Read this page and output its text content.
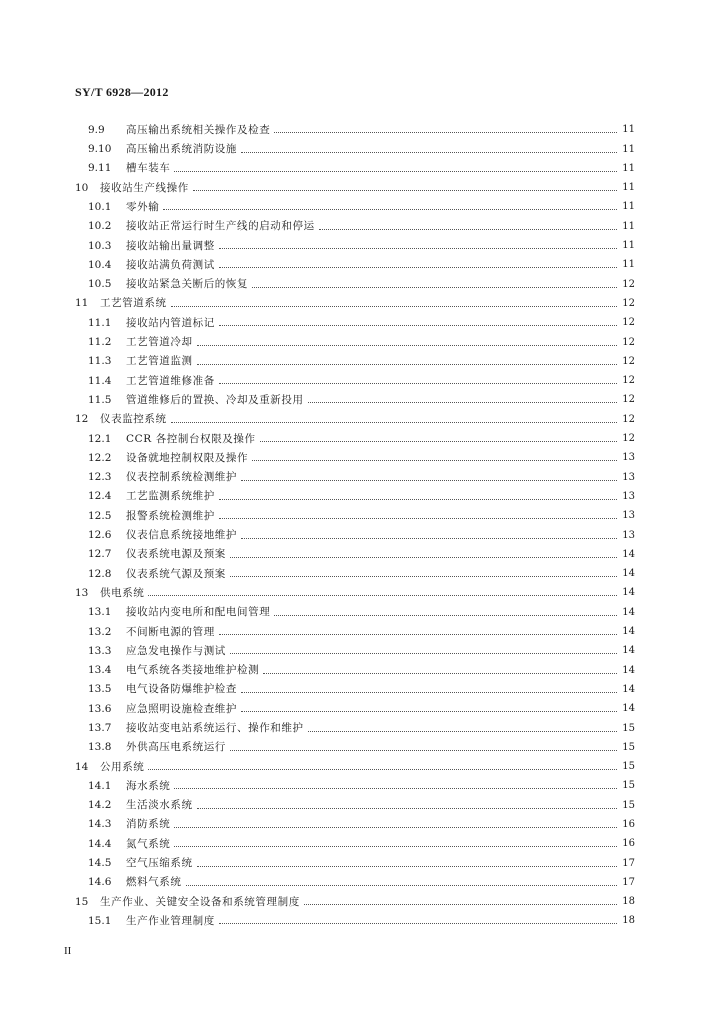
SY/T 6928—2012
9.9	高压输出系统相关操作及检查	11
9.10	高压输出系统消防设施	11
9.11	槽车装车	11
10	接收站生产线操作	11
10.1	零外输	11
10.2	接收站正常运行时生产线的启动和停运	11
10.3	接收站输出量调整	11
10.4	接收站满负荷测试	11
10.5	接收站紧急关断后的恢复	12
11	工艺管道系统	12
11.1	接收站内管道标记	12
11.2	工艺管道冷却	12
11.3	工艺管道监测	12
11.4	工艺管道维修准备	12
11.5	管道维修后的置换、冷却及重新投用	12
12	仪表监控系统	12
12.1	CCR 各控制台权限及操作	12
12.2	设备就地控制权限及操作	13
12.3	仪表控制系统检测维护	13
12.4	工艺监测系统维护	13
12.5	报警系统检测维护	13
12.6	仪表信息系统接地维护	13
12.7	仪表系统电源及预案	14
12.8	仪表系统气源及预案	14
13	供电系统	14
13.1	接收站内变电所和配电间管理	14
13.2	不间断电源的管理	14
13.3	应急发电操作与测试	14
13.4	电气系统各类接地维护检测	14
13.5	电气设备防爆维护检查	14
13.6	应急照明设施检查维护	14
13.7	接收站变电站系统运行、操作和维护	15
13.8	外供高压电系统运行	15
14	公用系统	15
14.1	海水系统	15
14.2	生活淡水系统	15
14.3	消防系统	16
14.4	氮气系统	16
14.5	空气压缩系统	17
14.6	燃料气系统	17
15	生产作业、关键安全设备和系统管理制度	18
15.1	生产作业管理制度	18
II
